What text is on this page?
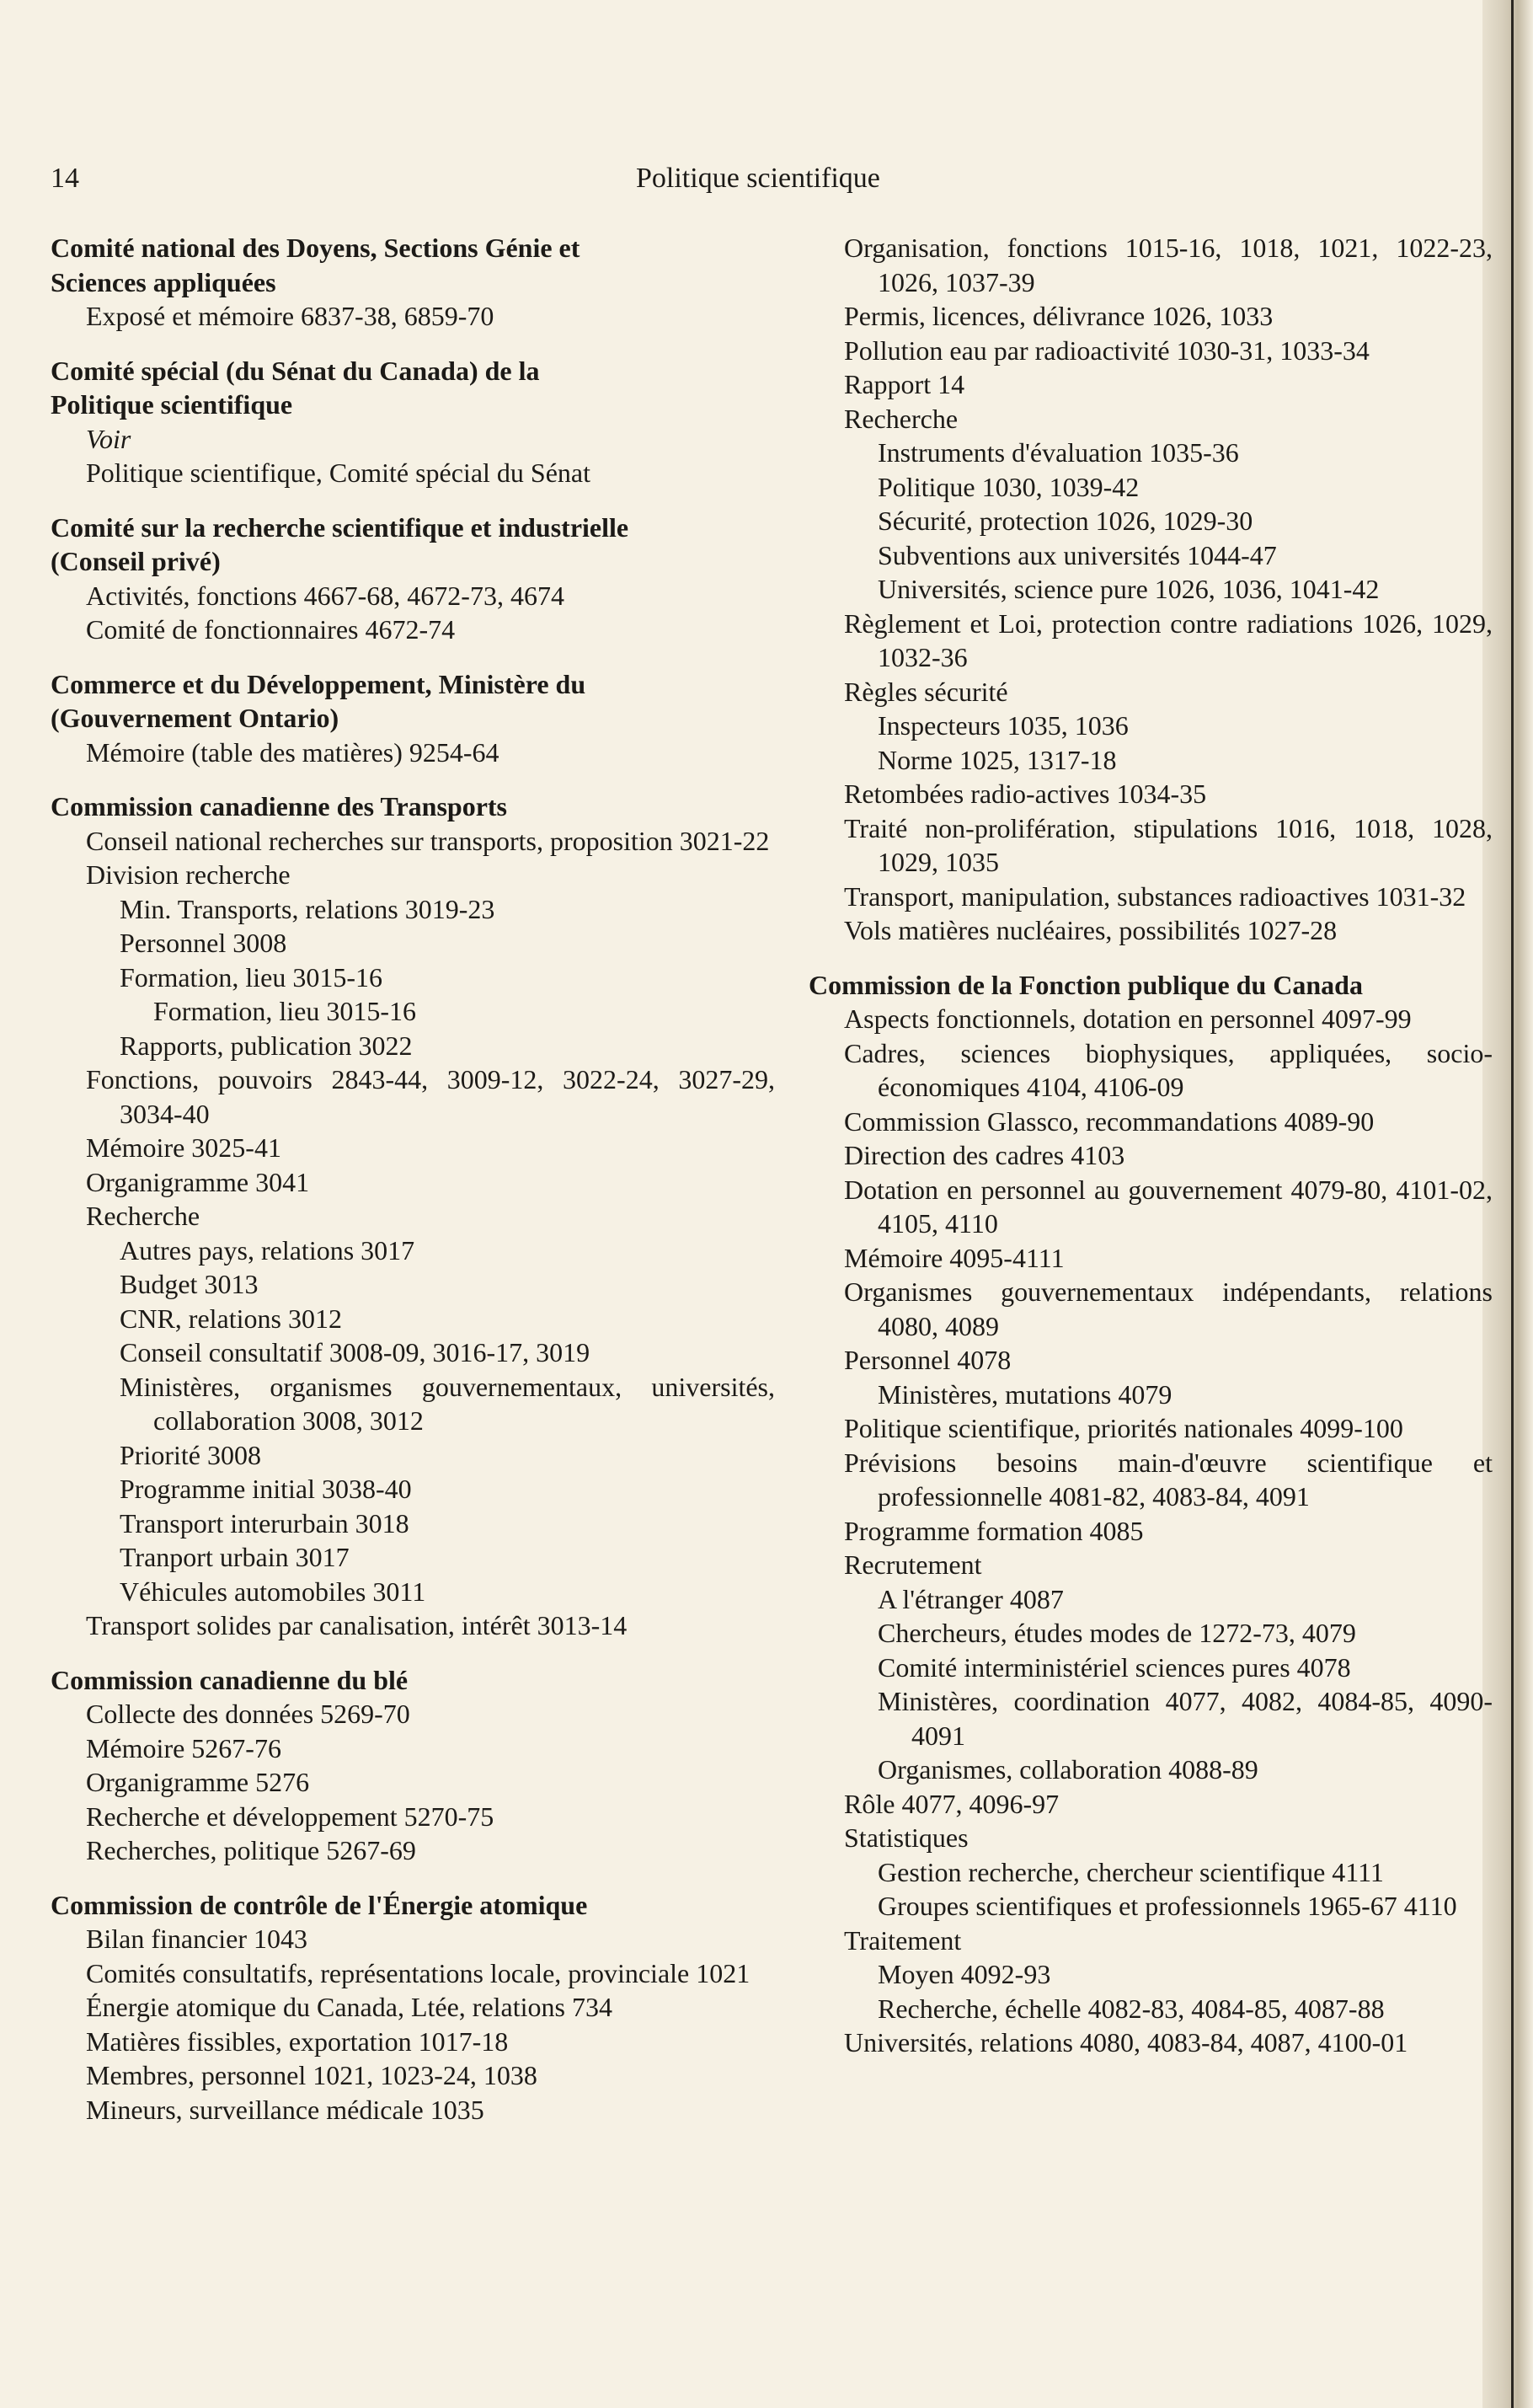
14	Politique scientifique
Comité national des Doyens, Sections Génie et
Sciences appliquées
Exposé et mémoire 6837-38, 6859-70
Comité spécial (du Sénat du Canada) de la
Politique scientifique
Voir
Politique scientifique, Comité spécial du Sénat
Comité sur la recherche scientifique et industrielle
(Conseil privé)
Activités, fonctions 4667-68, 4672-73, 4674
Comité de fonctionnaires 4672-74
Commerce et du Développement, Ministère du
(Gouvernement Ontario)
Mémoire (table des matières) 9254-64
Commission canadienne des Transports
Conseil national recherches sur transports, proposition 3021-22
Division recherche
Min. Transports, relations 3019-23
Personnel 3008
Formation, lieu 3015-16
Formation, lieu 3015-16
Rapports, publication 3022
Fonctions, pouvoirs 2843-44, 3009-12, 3022-24, 3027-29, 3034-40
Mémoire 3025-41
Organigramme 3041
Recherche
Autres pays, relations 3017
Budget 3013
CNR, relations 3012
Conseil consultatif 3008-09, 3016-17, 3019
Ministères, organismes gouvernementaux, universités, collaboration 3008, 3012
Priorité 3008
Programme initial 3038-40
Transport interurbain 3018
Tranport urbain 3017
Véhicules automobiles 3011
Transport solides par canalisation, intérêt 3013-14
Commission canadienne du blé
Collecte des données 5269-70
Mémoire 5267-76
Organigramme 5276
Recherche et développement 5270-75
Recherches, politique 5267-69
Commission de contrôle de l'Énergie atomique
Bilan financier 1043
Comités consultatifs, représentations locale, provinciale 1021
Énergie atomique du Canada, Ltée, relations 734
Matières fissibles, exportation 1017-18
Membres, personnel 1021, 1023-24, 1038
Mineurs, surveillance médicale 1035
Organisation, fonctions 1015-16, 1018, 1021, 1022-23, 1026, 1037-39
Permis, licences, délivrance 1026, 1033
Pollution eau par radioactivité 1030-31, 1033-34
Rapport 14
Recherche
Instruments d'évaluation 1035-36
Politique 1030, 1039-42
Sécurité, protection 1026, 1029-30
Subventions aux universités 1044-47
Universités, science pure 1026, 1036, 1041-42
Règlement et Loi, protection contre radiations 1026, 1029, 1032-36
Règles sécurité
Inspecteurs 1035, 1036
Norme 1025, 1317-18
Retombées radio-actives 1034-35
Traité non-prolifération, stipulations 1016, 1018, 1028, 1029, 1035
Transport, manipulation, substances radioactives 1031-32
Vols matières nucléaires, possibilités 1027-28
Commission de la Fonction publique du Canada
Aspects fonctionnels, dotation en personnel 4097-99
Cadres, sciences biophysiques, appliquées, socio-économiques 4104, 4106-09
Commission Glassco, recommandations 4089-90
Direction des cadres 4103
Dotation en personnel au gouvernement 4079-80, 4101-02, 4105, 4110
Mémoire 4095-4111
Organismes gouvernementaux indépendants, relations 4080, 4089
Personnel 4078
Ministères, mutations 4079
Politique scientifique, priorités nationales 4099-100
Prévisions besoins main-d'œuvre scientifique et professionnelle 4081-82, 4083-84, 4091
Programme formation 4085
Recrutement
A l'étranger 4087
Chercheurs, études modes de 1272-73, 4079
Comité interministériel sciences pures 4078
Ministères, coordination 4077, 4082, 4084-85, 4090-4091
Organismes, collaboration 4088-89
Rôle 4077, 4096-97
Statistiques
Gestion recherche, chercheur scientifique 4111
Groupes scientifiques et professionnels 1965-67 4110
Traitement
Moyen 4092-93
Recherche, échelle 4082-83, 4084-85, 4087-88
Universités, relations 4080, 4083-84, 4087, 4100-01
